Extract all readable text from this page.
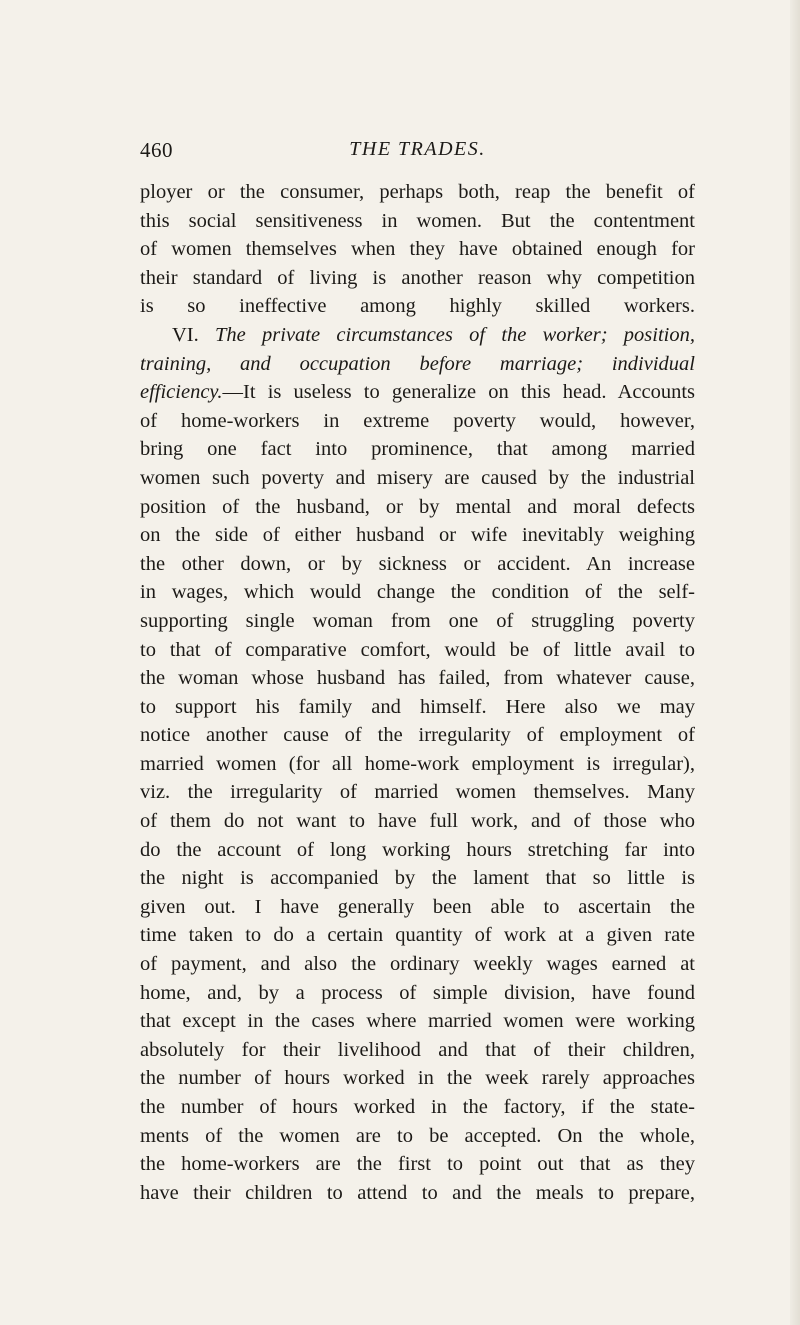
460	THE TRADES.
ployer or the consumer, perhaps both, reap the benefit of
this social sensitiveness in women. But the contentment
of women themselves when they have obtained enough for
their standard of living is another reason why competition
is so ineffective among highly skilled workers.
VI. The private circumstances of the worker; position,
training, and occupation before marriage; individual
efficiency.—It is useless to generalize on this head. Accounts
of home-workers in extreme poverty would, however,
bring one fact into prominence, that among married
women such poverty and misery are caused by the industrial
position of the husband, or by mental and moral defects
on the side of either husband or wife inevitably weighing
the other down, or by sickness or accident. An increase
in wages, which would change the condition of the self-
supporting single woman from one of struggling poverty
to that of comparative comfort, would be of little avail to
the woman whose husband has failed, from whatever cause,
to support his family and himself. Here also we may
notice another cause of the irregularity of employment of
married women (for all home-work employment is irregular),
viz. the irregularity of married women themselves. Many
of them do not want to have full work, and of those who
do the account of long working hours stretching far into
the night is accompanied by the lament that so little is
given out. I have generally been able to ascertain the
time taken to do a certain quantity of work at a given rate
of payment, and also the ordinary weekly wages earned at
home, and, by a process of simple division, have found
that except in the cases where married women were working
absolutely for their livelihood and that of their children,
the number of hours worked in the week rarely approaches
the number of hours worked in the factory, if the state-
ments of the women are to be accepted. On the whole,
the home-workers are the first to point out that as they
have their children to attend to and the meals to prepare,
